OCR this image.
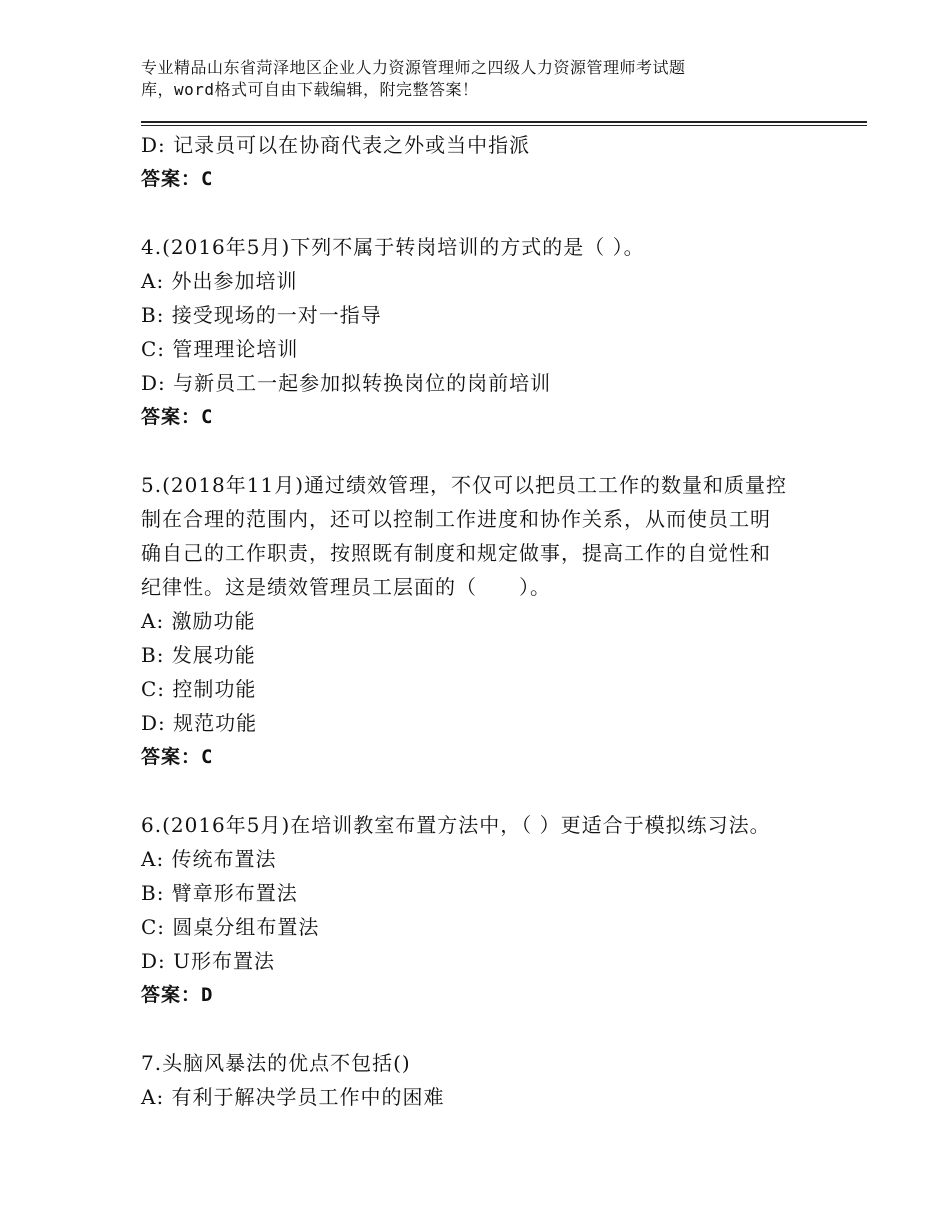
专业精品山东省菏泽地区企业人力资源管理师之四级人力资源管理师考试题
库，word格式可自由下载编辑，附完整答案！
D: 记录员可以在协商代表之外或当中指派
答案：C
4.(2016年5月)下列不属于转岗培训的方式的是（ ）。
A: 外出参加培训
B: 接受现场的一对一指导
C: 管理理论培训
D: 与新员工一起参加拟转换岗位的岗前培训
答案：C
5.(2018年11月)通过绩效管理，不仅可以把员工工作的数量和质量控
制在合理的范围内，还可以控制工作进度和协作关系，从而使员工明
确自己的工作职责，按照既有制度和规定做事，提高工作的自觉性和
纪律性。这是绩效管理员工层面的（　　）。
A: 激励功能
B: 发展功能
C: 控制功能
D: 规范功能
答案：C
6.(2016年5月)在培训教室布置方法中，（ ）更适合于模拟练习法。
A: 传统布置法
B: 臂章形布置法
C: 圆桌分组布置法
D: U形布置法
答案：D
7.头脑风暴法的优点不包括()
A: 有利于解决学员工作中的困难
